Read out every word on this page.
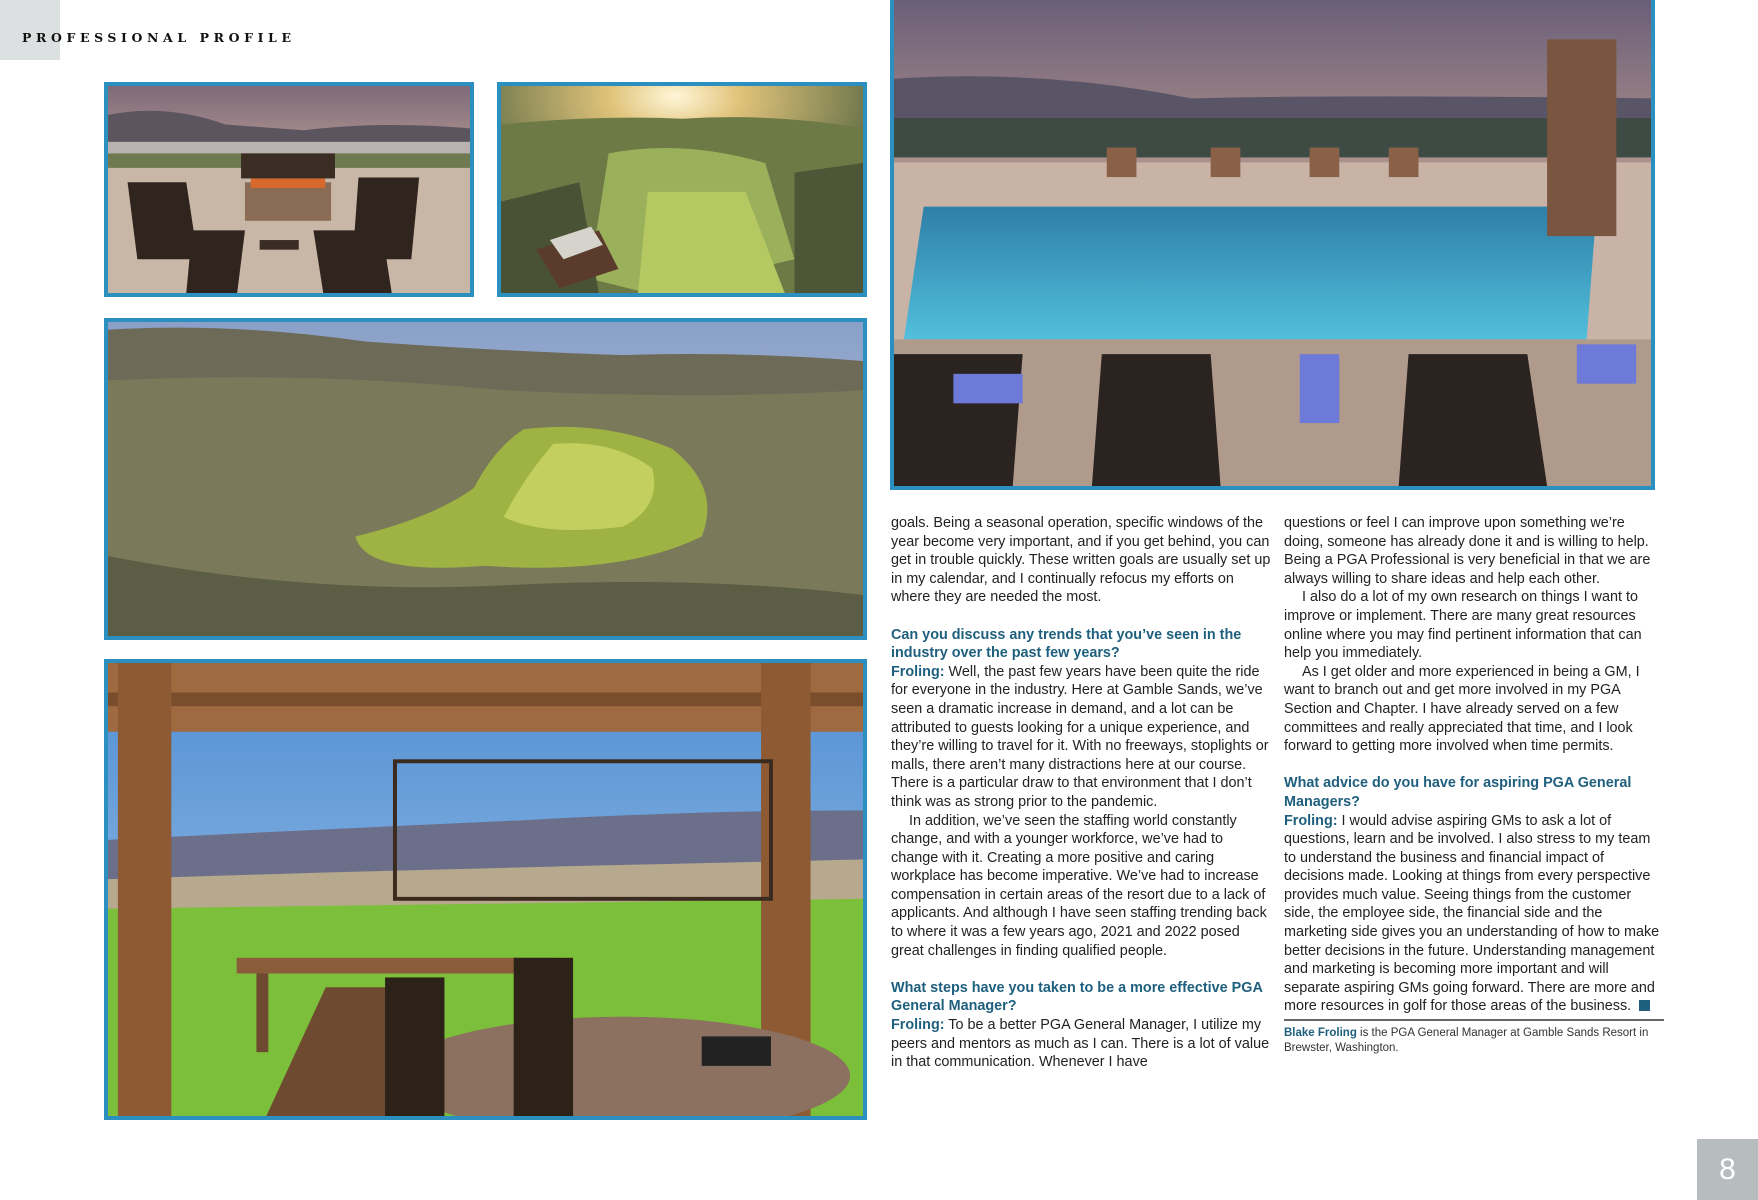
PROFESSIONAL PROFILE

goals. Being a seasonal operation, specific windows of the year become very important, and if you get behind, you can get in trouble quickly. These written goals are usually set up in my calendar, and I continually refocus my efforts on where they are needed the most.

Can you discuss any trends that you’ve seen in the industry over the past few years?

Froling: Well, the past few years have been quite the ride for everyone in the industry. Here at Gamble Sands, we’ve seen a dramatic increase in demand, and a lot can be attributed to guests looking for a unique experience, and they’re willing to travel for it. With no freeways, stoplights or malls, there aren’t many distractions here at our course. There is a particular draw to that environment that I don’t think was as strong prior to the pandemic.

In addition, we’ve seen the staffing world constantly change, and with a younger workforce, we’ve had to change with it. Creating a more positive and caring workplace has become imperative. We’ve had to increase compensation in certain areas of the resort due to a lack of applicants. And although I have seen staffing trending back to where it was a few years ago, 2021 and 2022 posed great challenges in finding qualified people.

What steps have you taken to be a more effective PGA General Manager?

Froling: To be a better PGA General Manager, I utilize my peers and mentors as much as I can. There is a lot of value in that communication. Whenever I have

questions or feel I can improve upon something we’re doing, someone has already done it and is willing to help. Being a PGA Professional is very beneficial in that we are always willing to share ideas and help each other.

I also do a lot of my own research on things I want to improve or implement. There are many great resources online where you may find pertinent information that can help you immediately.

As I get older and more experienced in being a GM, I want to branch out and get more involved in my PGA Section and Chapter. I have already served on a few committees and really appreciated that time, and I look forward to getting more involved when time permits.

What advice do you have for aspiring PGA General Managers?

Froling: I would advise aspiring GMs to ask a lot of questions, learn and be involved. I also stress to my team to understand the business and financial impact of decisions made. Looking at things from every perspective provides much value. Seeing things from the customer side, the employee side, the financial side and the marketing side gives you an understanding of how to make better decisions in the future. Understanding management and marketing is becoming more important and will separate aspiring GMs going forward. There are more and more resources in golf for those areas of the business.

Blake Froling is the PGA General Manager at Gamble Sands Resort in Brewster, Washington.

8
